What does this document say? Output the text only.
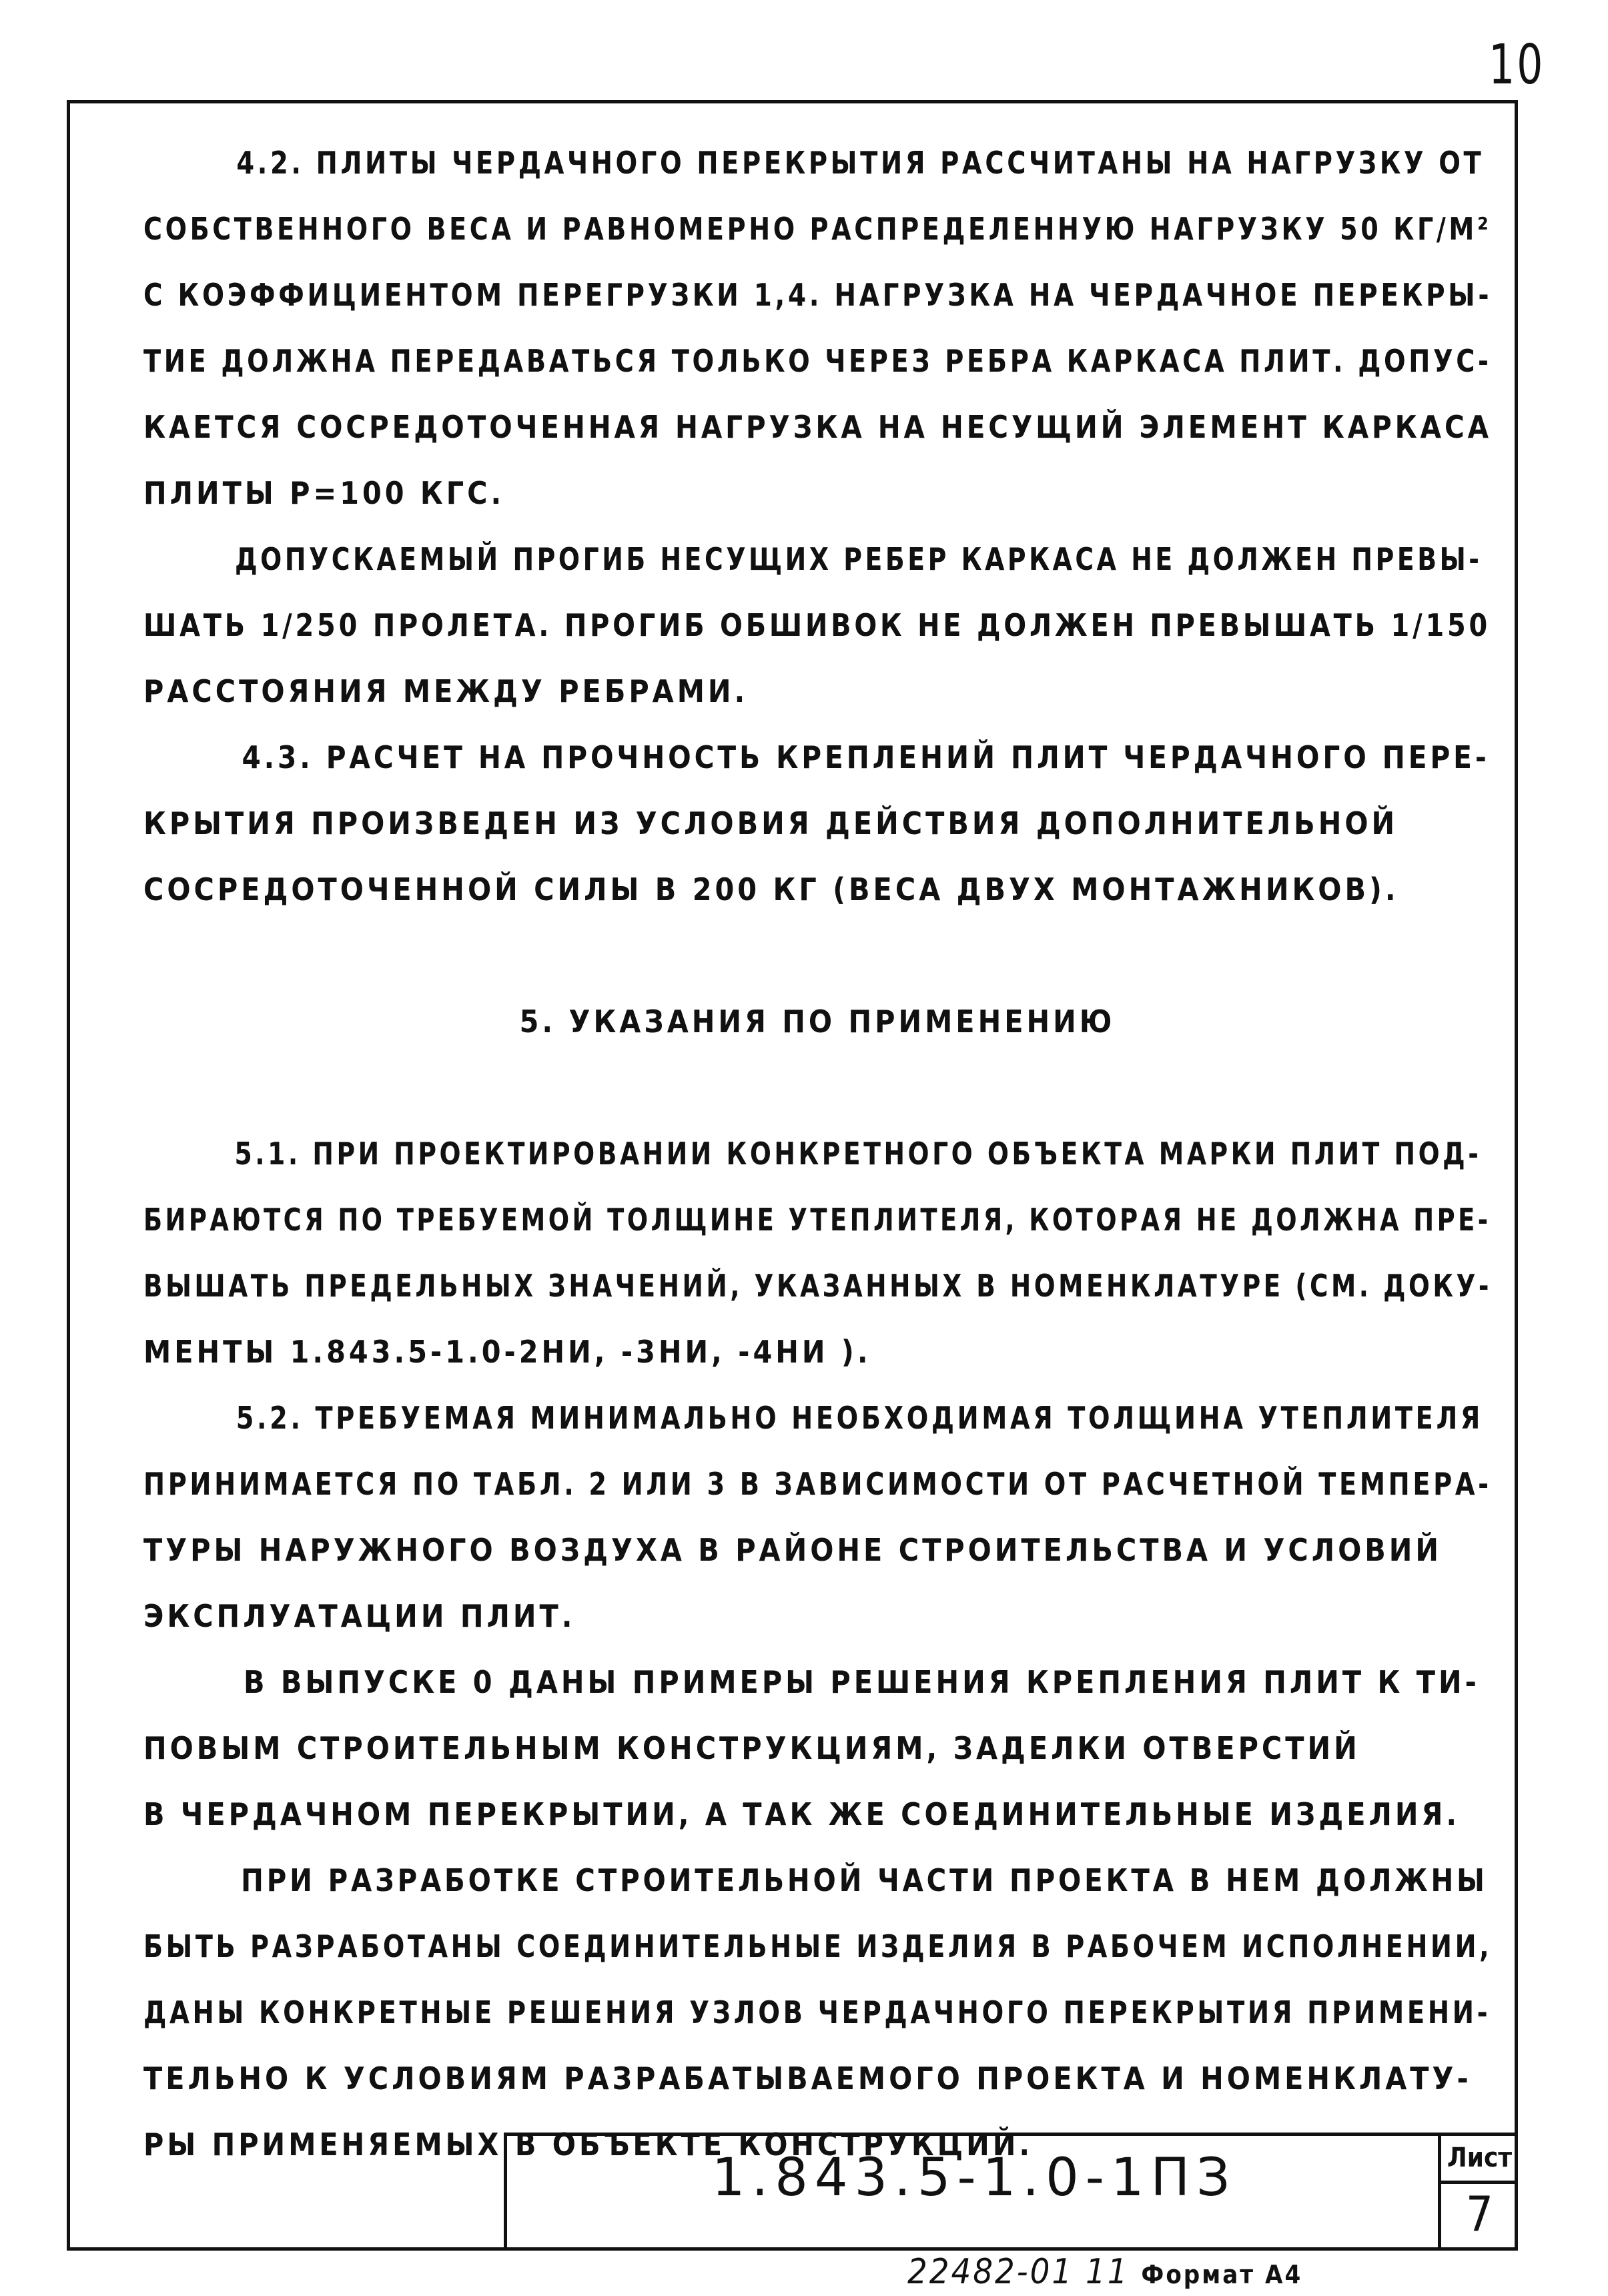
10
4.2. ПЛИТЫ ЧЕРДАЧНОГО ПЕРЕКРЫТИЯ РАССЧИТАНЫ НА НАГРУЗКУ ОТ
СОБСТВЕННОГО ВЕСА И РАВНОМЕРНО РАСПРЕДЕЛЕННУЮ НАГРУЗКУ 50 КГ/М²
С КОЭФФИЦИЕНТОМ ПЕРЕГРУЗКИ 1,4. НАГРУЗКА НА ЧЕРДАЧНОЕ ПЕРЕКРЫ-
ТИЕ ДОЛЖНА ПЕРЕДАВАТЬСЯ ТОЛЬКО ЧЕРЕЗ РЕБРА КАРКАСА ПЛИТ. ДОПУС-
КАЕТСЯ СОСРЕДОТОЧЕННАЯ НАГРУЗКА НА НЕСУЩИЙ ЭЛЕМЕНТ КАРКАСА
ПЛИТЫ Р=100 КГС.
ДОПУСКАЕМЫЙ ПРОГИБ НЕСУЩИХ РЕБЕР КАРКАСА НЕ ДОЛЖЕН ПРЕВЫ-
ШАТЬ 1/250 ПРОЛЕТА. ПРОГИБ ОБШИВОК НЕ ДОЛЖЕН ПРЕВЫШАТЬ 1/150
РАССТОЯНИЯ МЕЖДУ РЕБРАМИ.
4.3. РАСЧЕТ НА ПРОЧНОСТЬ КРЕПЛЕНИЙ ПЛИТ ЧЕРДАЧНОГО ПЕРЕ-
КРЫТИЯ ПРОИЗВЕДЕН ИЗ УСЛОВИЯ ДЕЙСТВИЯ ДОПОЛНИТЕЛЬНОЙ
СОСРЕДОТОЧЕННОЙ СИЛЫ В 200 КГ (ВЕСА ДВУХ МОНТАЖНИКОВ).
5. УКАЗАНИЯ ПО ПРИМЕНЕНИЮ
5.1. ПРИ ПРОЕКТИРОВАНИИ КОНКРЕТНОГО ОБЪЕКТА МАРКИ ПЛИТ ПОД-
БИРАЮТСЯ ПО ТРЕБУЕМОЙ ТОЛЩИНЕ УТЕПЛИТЕЛЯ, КОТОРАЯ НЕ ДОЛЖНА ПРЕ-
ВЫШАТЬ ПРЕДЕЛЬНЫХ ЗНАЧЕНИЙ, УКАЗАННЫХ В НОМЕНКЛАТУРЕ (СМ. ДОКУ-
МЕНТЫ 1.843.5-1.0-2НИ, -3НИ, -4НИ ).
5.2. ТРЕБУЕМАЯ МИНИМАЛЬНО НЕОБХОДИМАЯ ТОЛЩИНА УТЕПЛИТЕЛЯ
ПРИНИМАЕТСЯ ПО ТАБЛ. 2 ИЛИ 3 В ЗАВИСИМОСТИ ОТ РАСЧЕТНОЙ ТЕМПЕРА-
ТУРЫ НАРУЖНОГО ВОЗДУХА В РАЙОНЕ СТРОИТЕЛЬСТВА И УСЛОВИЙ
ЭКСПЛУАТАЦИИ ПЛИТ.
В ВЫПУСКЕ 0 ДАНЫ ПРИМЕРЫ РЕШЕНИЯ КРЕПЛЕНИЯ ПЛИТ К ТИ-
ПОВЫМ СТРОИТЕЛЬНЫМ КОНСТРУКЦИЯМ, ЗАДЕЛКИ ОТВЕРСТИЙ
В ЧЕРДАЧНОМ ПЕРЕКРЫТИИ, А ТАК ЖЕ СОЕДИНИТЕЛЬНЫЕ ИЗДЕЛИЯ.
ПРИ РАЗРАБОТКЕ СТРОИТЕЛЬНОЙ ЧАСТИ ПРОЕКТА В НЕМ ДОЛЖНЫ
БЫТЬ РАЗРАБОТАНЫ СОЕДИНИТЕЛЬНЫЕ ИЗДЕЛИЯ В РАБОЧЕМ ИСПОЛНЕНИИ,
ДАНЫ КОНКРЕТНЫЕ РЕШЕНИЯ УЗЛОВ ЧЕРДАЧНОГО ПЕРЕКРЫТИЯ ПРИМЕНИ-
ТЕЛЬНО К УСЛОВИЯМ РАЗРАБАТЫВАЕМОГО ПРОЕКТА И НОМЕНКЛАТУ-
РЫ ПРИМЕНЯЕМЫХ В ОБЪЕКТЕ КОНСТРУКЦИЙ.
1.843.5-1.0-1ПЗ	Лист
7
22482-01 11 Формат А4
